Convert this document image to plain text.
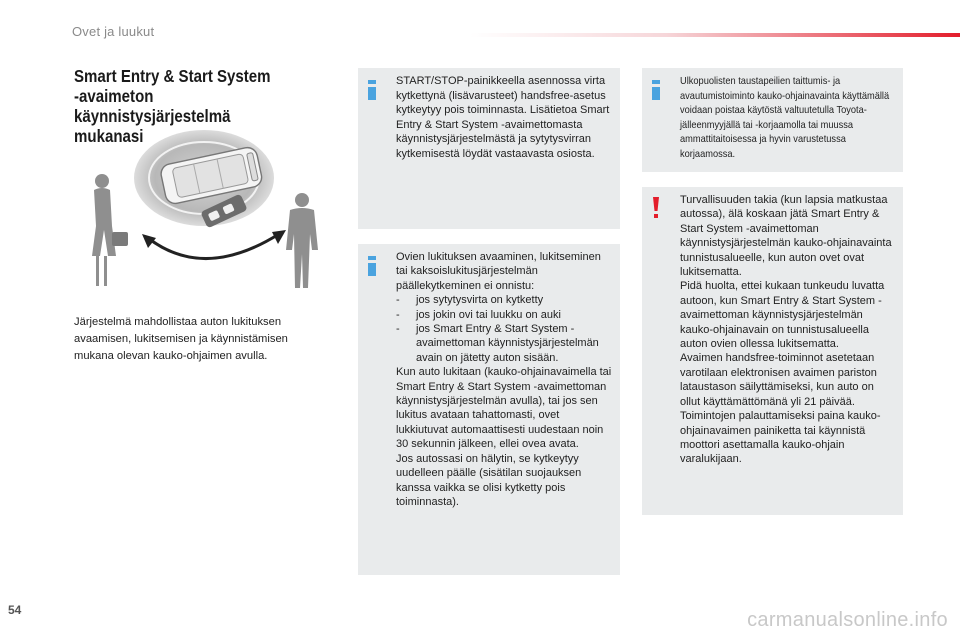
Ovet ja luukut
Smart Entry & Start System
-avaimeton käynnistysjärjestelmä
mukanasi

Järjestelmä mahdollistaa auton lukituksen avaamisen, lukitsemisen ja käynnistämisen mukana olevan kauko-ohjaimen avulla.

START/STOP-painikkeella asennossa virta kytkettynä (lisävarusteet) handsfree-asetus kytkeytyy pois toiminnasta. Lisätietoa Smart Entry & Start System -avaimettomasta käynnistysjärjestelmästä ja sytytysvirran kytkemisestä löydät vastaavasta osiosta.

Ovien lukituksen avaaminen, lukitseminen tai kaksoislukitusjärjestelmän päällekytkeminen ei onnistu:

- jos sytytysvirta on kytketty
- jos jokin ovi tai luukku on auki
- jos Smart Entry & Start System -avaimettoman käynnistysjärjestelmän avain on jätetty auton sisään.

Kun auto lukitaan (kauko-ohjainavaimella tai Smart Entry & Start System -avaimettoman käynnistysjärjestelmän avulla), tai jos sen lukitus avataan tahattomasti, ovet lukkiutuvat automaattisesti uudestaan noin 30 sekunnin jälkeen, ellei ovea avata.

Jos autossasi on hälytin, se kytkeytyy uudelleen päälle (sisätilan suojauksen kanssa vaikka se olisi kytketty pois toiminnasta).

Ulkopuolisten taustapeilien taittumis- ja avautumistoiminto kauko-ohjainavainta käyttämällä voidaan poistaa käytöstä valtuutetulla Toyota-jälleenmyyjällä tai -korjaamolla tai muussa ammattitaitoisessa ja hyvin varustetussa korjaamossa.

Turvallisuuden takia (kun lapsia matkustaa autossa), älä koskaan jätä Smart Entry & Start System -avaimettoman käynnistysjärjestelmän kauko-ohjainavainta tunnistusalueelle, kun auton ovet ovat lukitsematta.

Pidä huolta, ettei kukaan tunkeudu luvatta autoon, kun Smart Entry & Start System -avaimettoman käynnistysjärjestelmän kauko-ohjainavain on tunnistusalueella auton ovien ollessa lukitsematta.

Avaimen handsfree-toiminnot asetetaan varotilaan elektronisen avaimen pariston lataustason säilyttämiseksi, kun auto on ollut käyttämättömänä yli 21 päivää.

Toimintojen palauttamiseksi paina kauko-ohjainavaimen painiketta tai käynnistä moottori asettamalla kauko-ohjain varalukijaan.

54	carmanualsonline.info
